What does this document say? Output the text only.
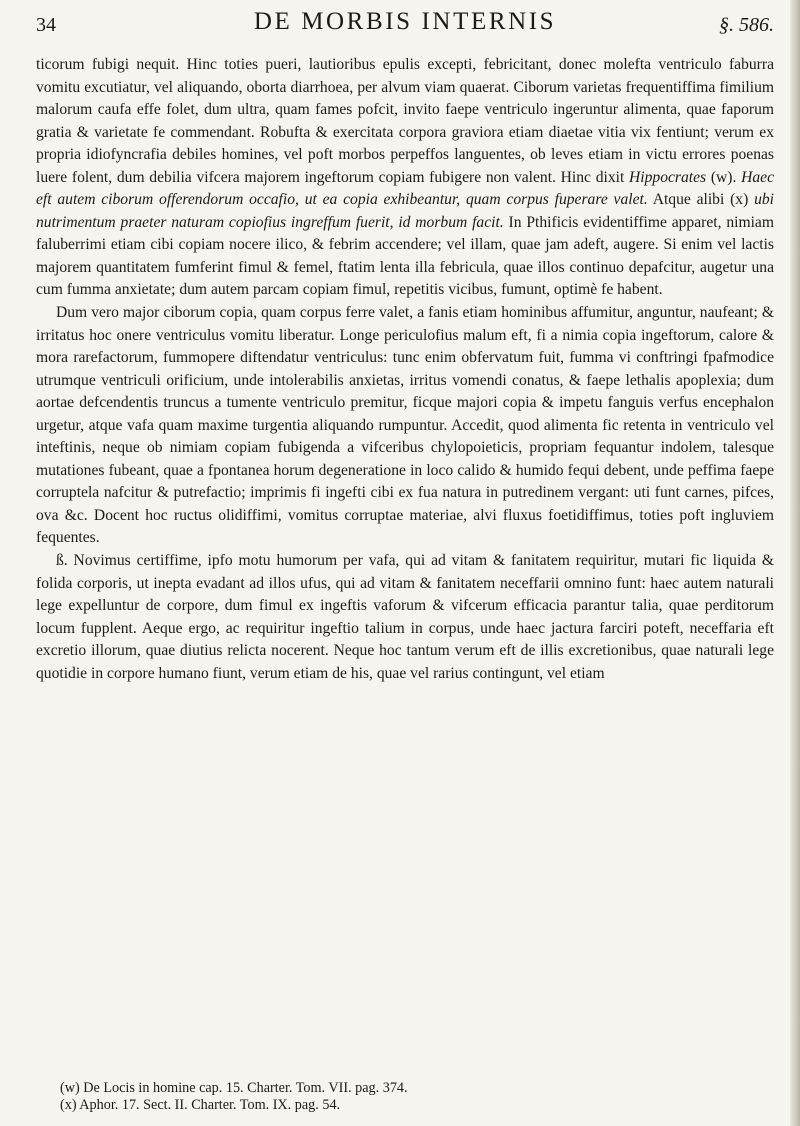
34	DE MORBIS INTERNIS	§. 586.

ticorum fubigi nequit. Hinc toties pueri, lautioribus epulis excepti, febricitant, donec molefta ventriculo faburra vomitu excutiatur, vel aliquando, oborta diarrhoea, per alvum viam quaerat. Ciborum varietas frequentiffima fimilium malorum caufa effe folet, dum ultra, quam fames pofcit, invito faepe ventriculo ingeruntur alimenta, quae faporum gratia & varietate fe commendant. Robufta & exercitata corpora graviora etiam diaetae vitia vix fentiunt; verum ex propria idiofyncrafia debiles homines, vel poft morbos perpeffos languentes, ob leves etiam in victu errores poenas luere folent, dum debilia vifcera majorem ingeftorum copiam fubigere non valent. Hinc dixit Hippocrates (w). Haec eft autem ciborum offerendorum occafio, ut ea copia exhibeantur, quam corpus fuperare valet. Atque alibi (x) ubi nutrimentum praeter naturam copiofius ingreffum fuerit, id morbum facit. In Pthificis evidentiffime apparet, nimiam faluberrimi etiam cibi copiam nocere ilico, & febrim accendere; vel illam, quae jam adeft, augere. Si enim vel lactis majorem quantitatem fumferint fimul & femel, ftatim lenta illa febricula, quae illos continuo depafcitur, augetur una cum fumma anxietate; dum autem parcam copiam fimul, repetitis vicibus, fumunt, optimè fe habent.

Dum vero major ciborum copia, quam corpus ferre valet, a fanis etiam hominibus affumitur, anguntur, naufeant; & irritatus hoc onere ventriculus vomitu liberatur. Longe periculofius malum eft, fi a nimia copia ingeftorum, calore & mora rarefactorum, fummopere diftendatur ventriculus: tunc enim obfervatum fuit, fumma vi conftringi fpafmodice utrumque ventriculi orificium, unde intolerabilis anxietas, irritus vomendi conatus, & faepe lethalis apoplexia; dum aortae defcendentis truncus a tumente ventriculo premitur, ficque majori copia & impetu fanguis verfus encephalon urgetur, atque vafa quam maxime turgentia aliquando rumpuntur. Accedit, quod alimenta fic retenta in ventriculo vel inteftinis, neque ob nimiam copiam fubigenda a vifceribus chylopoieticis, propriam fequantur indolem, talesque mutationes fubeant, quae a fpontanea horum degeneratione in loco calido & humido fequi debent, unde peffima faepe corruptela nafcitur & putrefactio; imprimis fi ingefti cibi ex fua natura in putredinem vergant: uti funt carnes, pifces, ova &c. Docent hoc ructus olidiffimi, vomitus corruptae materiae, alvi fluxus foetidiffimus, toties poft ingluviem fequentes.

ß. Novimus certiffime, ipfo motu humorum per vafa, qui ad vitam & fanitatem requiritur, mutari fic liquida & folida corporis, ut inepta evadant ad illos ufus, qui ad vitam & fanitatem neceffarii omnino funt: haec autem naturali lege expelluntur de corpore, dum fimul ex ingeftis vaforum & vifcerum efficacia parantur talia, quae perditorum locum fupplent. Aeque ergo, ac requiritur ingeftio talium in corpus, unde haec jactura farciri poteft, neceffaria eft excretio illorum, quae diutius relicta nocerent. Neque hoc tantum verum eft de illis excretionibus, quae naturali lege quotidie in corpore humano fiunt, verum etiam de his, quae vel rarius contingunt, vel etiam

(w) De Locis in homine cap. 15. Charter. Tom. VII. pag. 374.
(x) Aphor. 17. Sect. II. Charter. Tom. IX. pag. 54.
